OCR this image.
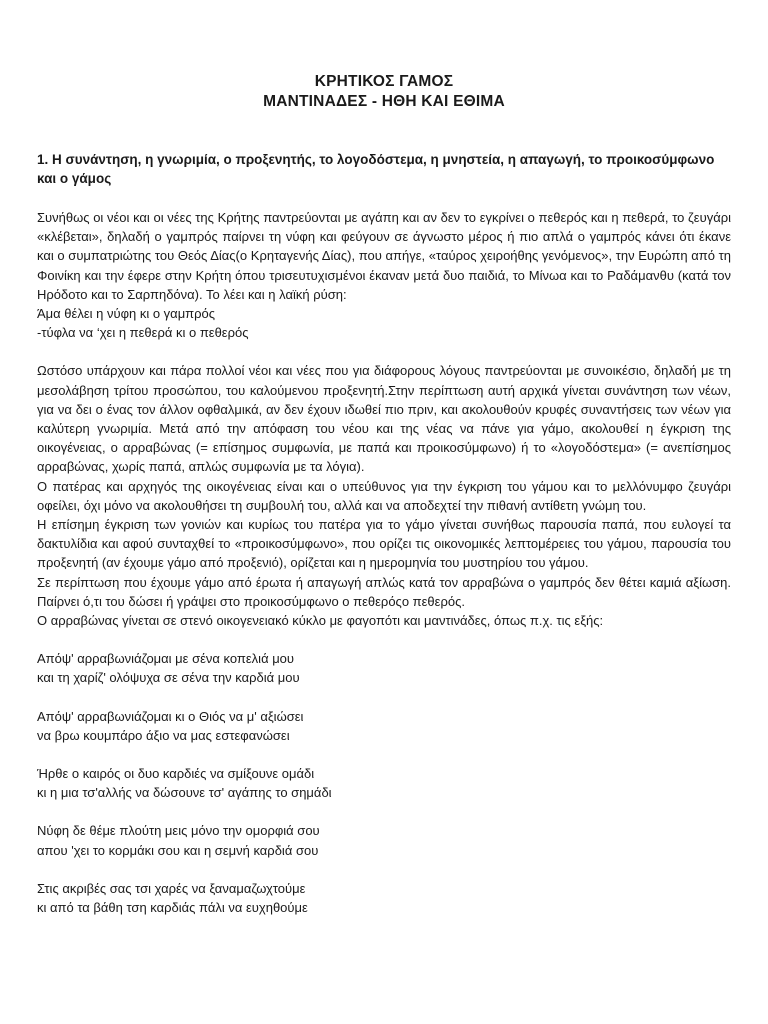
ΚΡΗΤΙΚΟΣ ΓΑΜΟΣ
ΜΑΝΤΙΝΑΔΕΣ - ΗΘΗ ΚΑΙ ΕΘΙΜΑ
1. Η συνάντηση, η γνωριμία, ο προξενητής, το λογοδόστεμα, η μνηστεία, η απαγωγή, το προικοσύμφωνο και ο γάμος

Συνήθως οι νέοι και οι νέες της Κρήτης παντρεύονται με αγάπη και αν δεν το εγκρίνει ο πεθερός και η πεθερά, το ζευγάρι «κλέβεται», δηλαδή ο γαμπρός παίρνει τη νύφη και φεύγουν σε άγνωστο μέρος ή πιο απλά ο γαμπρός κάνει ότι έκανε και ο συμπατριώτης του Θεός Δίας(ο Κρηταγενής Δίας), που απήγε, «ταύρος χειροήθης γενόμενος», την Ευρώπη από τη Φοινίκη και την έφερε στην Κρήτη όπου τρισευτυχισμένοι έκαναν μετά δυο παιδιά, το Μίνωα και το Ραδάμανθυ (κατά τον Ηρόδοτο και το Σαρπηδόνα). Το λέει και η λαϊκή ρύση:

Άμα θέλει η νύφη κι ο γαμπρός

-τύφλα να ‘χει η πεθερά κι ο πεθερός

Ωστόσο υπάρχουν και πάρα πολλοί νέοι και νέες που για διάφορους λόγους παντρεύονται με συνοικέσιο, δηλαδή με τη μεσολάβηση τρίτου προσώπου, του καλούμενου προξενητή.Στην περίπτωση αυτή αρχικά γίνεται συνάντηση των νέων, για να δει ο ένας τον άλλον οφθαλμικά, αν δεν έχουν ιδωθεί πιο πριν, και ακολουθούν κρυφές συναντήσεις των νέων για καλύτερη γνωριμία. Μετά από την απόφαση του νέου και της νέας να πάνε για γάμο, ακολουθεί η έγκριση της οικογένειας, ο αρραβώνας (= επίσημος συμφωνία, με παπά και προικοσύμφωνο) ή το «λογοδόστεμα» (= ανεπίσημος αρραβώνας, χωρίς παπά, απλώς συμφωνία με τα λόγια).

Ο πατέρας και αρχηγός της οικογένειας είναι και ο υπεύθυνος για την έγκριση του γάμου και το μελλόνυμφο ζευγάρι οφείλει, όχι μόνο να ακολουθήσει τη συμβουλή του, αλλά και να αποδεχτεί την πιθανή αντίθετη γνώμη του.

Η επίσημη έγκριση των γονιών και κυρίως του πατέρα για το γάμο γίνεται συνήθως παρουσία παπά, που ευλογεί τα δακτυλίδια και αφού συνταχθεί το «προικοσύμφωνο», που ορίζει τις οικονομικές λεπτομέρειες του γάμου, παρουσία του προξενητή (αν έχουμε γάμο από προξενιό), ορίζεται και η ημερομηνία του μυστηρίου του γάμου.

Σε περίπτωση που έχουμε γάμο από έρωτα ή απαγωγή απλώς κατά τον αρραβώνα ο γαμπρός δεν θέτει καμιά αξίωση. Παίρνει ό,τι του δώσει ή γράψει στο προικοσύμφωνο ο πεθερόςο πεθερός.

Ο αρραβώνας γίνεται σε στενό οικογενειακό κύκλο με φαγοπότι και μαντινάδες, όπως π.χ. τις εξής:

Απόψ' αρραβωνιάζομαι με σένα κοπελιά μου
και τη χαρίζ' ολόψυχα σε σένα την καρδιά μου
Απόψ' αρραβωνιάζομαι κι ο Θιός να μ' αξιώσει
να βρω κουμπάρο άξιο να μας εστεφανώσει
Ήρθε ο καιρός οι δυο καρδιές να σμίξουνε ομάδι
κι η μια τσ'αλλής να δώσουνε τσ' αγάπης το σημάδι
Νύφη δε θέμε πλούτη μεις μόνο την ομορφιά σου
απου 'χει το κορμάκι σου και η σεμνή καρδιά σου
Στις ακριβές σας τσι χαρές να ξαναμαζωχτούμε
κι από τα βάθη τση καρδιάς πάλι να ευχηθούμε
